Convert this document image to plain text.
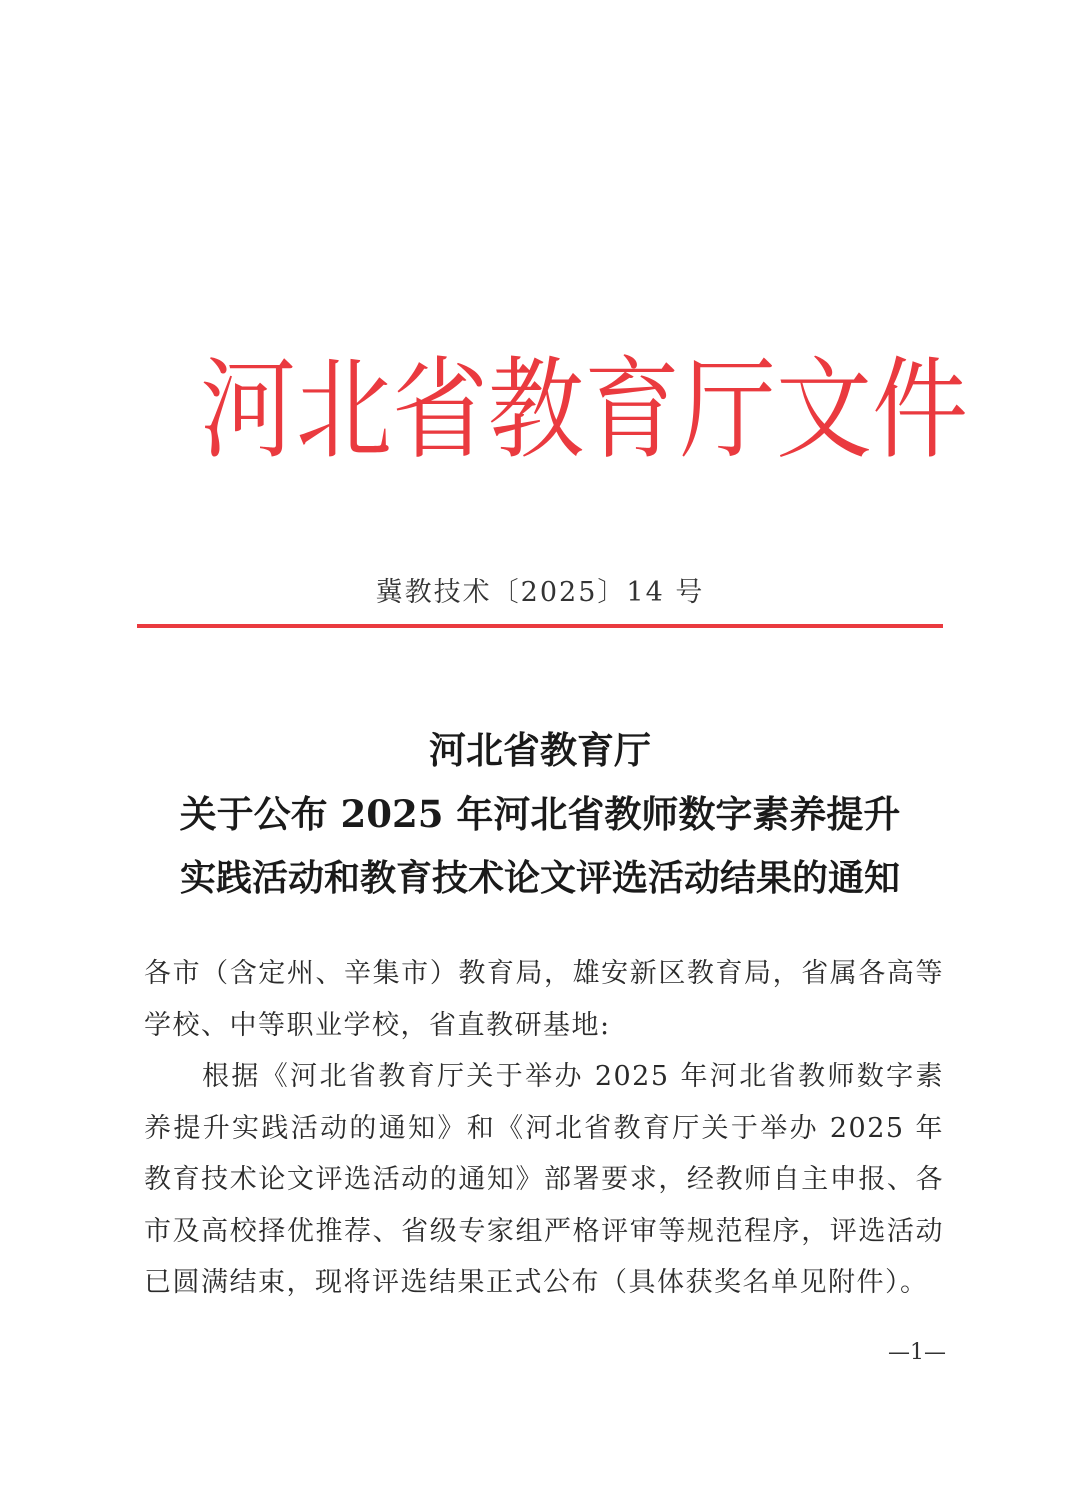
河 北 省 教 育 厅 文 件
冀教技术〔2025〕14 号
河北省教育厅
关于公布 2025 年河北省教师数字素养提升
实践活动和教育技术论文评选活动结果的通知

各市（含定州、辛集市）教育局，雄安新区教育局，省属各高等学校、中等职业学校，省直教研基地:

根据《河北省教育厅关于举办 2025 年河北省教师数字素养提升实践活动的通知》和《河北省教育厅关于举办 2025 年教育技术论文评选活动的通知》部署要求，经教师自主申报、各市及高校择优推荐、省级专家组严格评审等规范程序，评选活动已圆满结束，现将评选结果正式公布（具体获奖名单见附件）。

—1—
